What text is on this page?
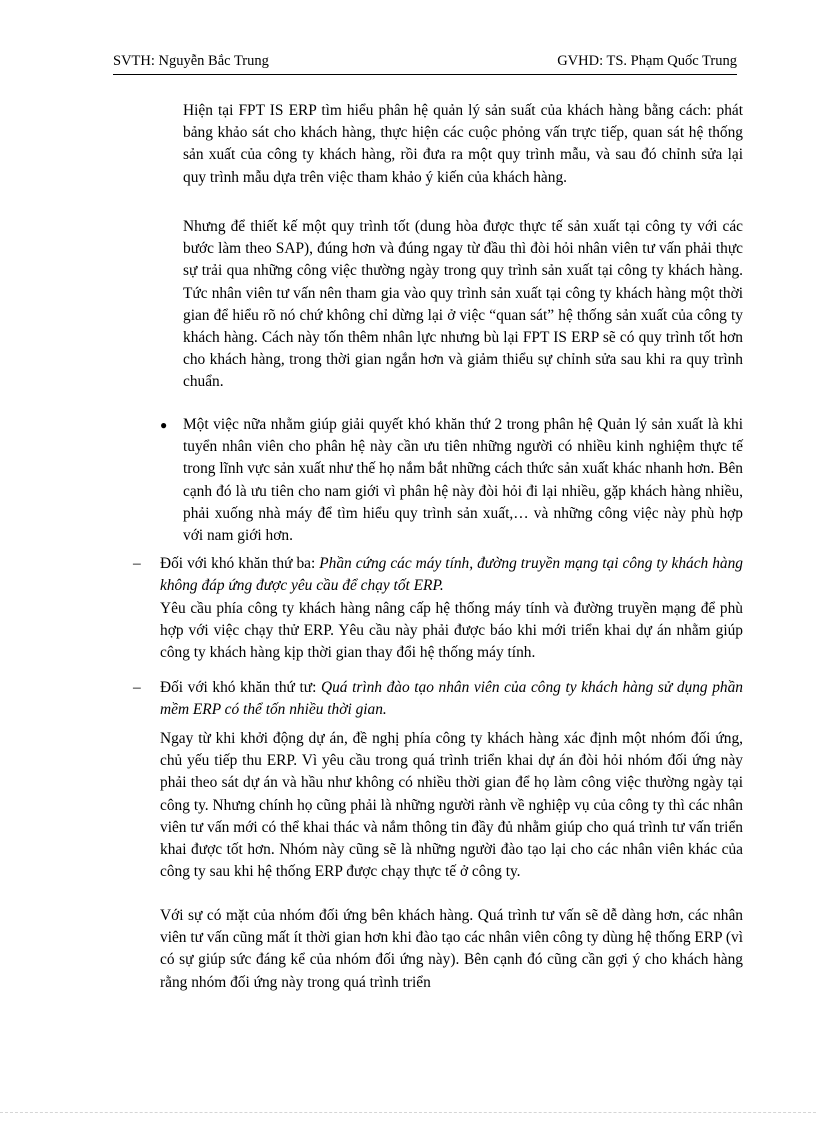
SVTH: Nguyễn Bắc Trung	GVHD: TS. Phạm Quốc Trung

Hiện tại FPT IS ERP tìm hiểu phân hệ quản lý sản suất của khách hàng bằng cách: phát bảng khảo sát cho khách hàng, thực hiện các cuộc phỏng vấn trực tiếp, quan sát hệ thống sản xuất của công ty khách hàng, rồi đưa ra một quy trình mẫu, và sau đó chỉnh sửa lại quy trình mẫu dựa trên việc tham khảo ý kiến của khách hàng.

Nhưng để thiết kế một quy trình tốt (dung hòa được thực tế sản xuất tại công ty với các bước làm theo SAP), đúng hơn và đúng ngay từ đầu thì đòi hỏi nhân viên tư vấn phải thực sự trải qua những công việc thường ngày trong quy trình sản xuất tại công ty khách hàng. Tức nhân viên tư vấn nên tham gia vào quy trình sản xuất tại công ty khách hàng một thời gian để hiểu rõ nó chứ không chỉ dừng lại ở việc “quan sát” hệ thống sản xuất của công ty khách hàng. Cách này tốn thêm nhân lực nhưng bù lại FPT IS ERP sẽ có quy trình tốt hơn cho khách hàng, trong thời gian ngắn hơn và giảm thiểu sự chỉnh sửa sau khi ra quy trình chuẩn.

● Một việc nữa nhằm giúp giải quyết khó khăn thứ 2 trong phân hệ Quản lý sản xuất là khi tuyển nhân viên cho phân hệ này cần ưu tiên những người có nhiều kinh nghiệm thực tế trong lĩnh vực sản xuất như thế họ nắm bắt những cách thức sản xuất khác nhanh hơn. Bên cạnh đó là ưu tiên cho nam giới vì phân hệ này đòi hỏi đi lại nhiều, gặp khách hàng nhiều, phải xuống nhà máy để tìm hiểu quy trình sản xuất,… và những công việc này phù hợp với nam giới hơn.

– Đối với khó khăn thứ ba: Phần cứng các máy tính, đường truyền mạng tại công ty khách hàng không đáp ứng được yêu cầu để chạy tốt ERP.

Yêu cầu phía công ty khách hàng nâng cấp hệ thống máy tính và đường truyền mạng để phù hợp với việc chạy thử ERP. Yêu cầu này phải được báo khi mới triển khai dự án nhằm giúp công ty khách hàng kịp thời gian thay đổi hệ thống máy tính.

– Đối với khó khăn thứ tư: Quá trình đào tạo nhân viên của công ty khách hàng sử dụng phần mềm ERP có thể tốn nhiều thời gian.

Ngay từ khi khởi động dự án, đề nghị phía công ty khách hàng xác định một nhóm đối ứng, chủ yếu tiếp thu ERP. Vì yêu cầu trong quá trình triển khai dự án đòi hỏi nhóm đối ứng này phải theo sát dự án và hầu như không có nhiều thời gian để họ làm công việc thường ngày tại công ty. Nhưng chính họ cũng phải là những người rành về nghiệp vụ của công ty thì các nhân viên tư vấn mới có thể khai thác và nắm thông tin đầy đủ nhằm giúp cho quá trình tư vấn triển khai được tốt hơn. Nhóm này cũng sẽ là những người đào tạo lại cho các nhân viên khác của công ty sau khi hệ thống ERP được chạy thực tế ở công ty.

Với sự có mặt của nhóm đối ứng bên khách hàng. Quá trình tư vấn sẽ dễ dàng hơn, các nhân viên tư vấn cũng mất ít thời gian hơn khi đào tạo các nhân viên công ty dùng hệ thống ERP (vì có sự giúp sức đáng kể của nhóm đối ứng này). Bên cạnh đó cũng cần gợi ý cho khách hàng rằng nhóm đối ứng này trong quá trình triển
